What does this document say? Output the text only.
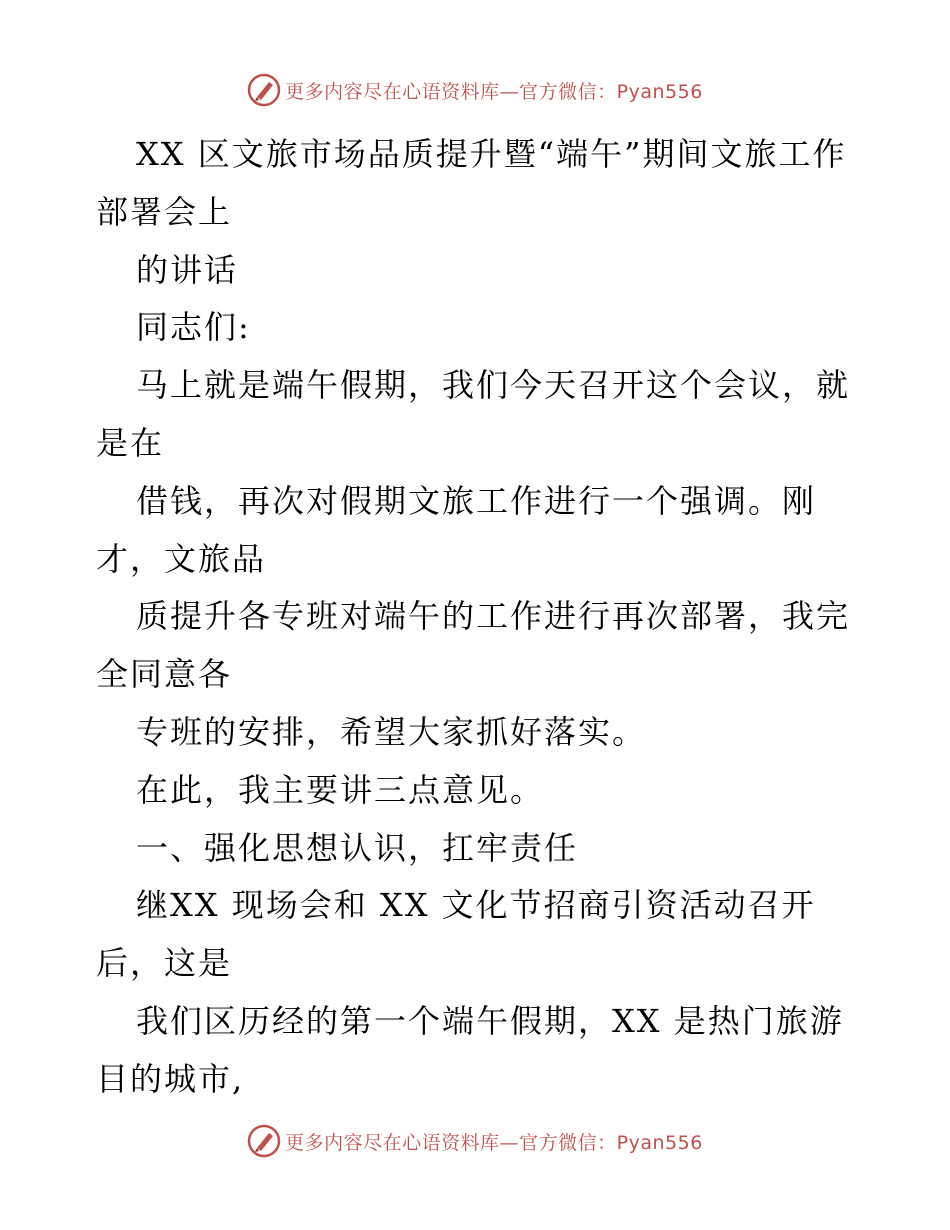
更多内容尽在心语资料库—官方微信：Pyan556

XX 区文旅市场品质提升暨“端午”期间文旅工作部署会上

的讲话

同志们:

马上就是端午假期，我们今天召开这个会议，就是在

借钱，再次对假期文旅工作进行一个强调。刚才，文旅品

质提升各专班对端午的工作进行再次部署，我完全同意各

专班的安排，希望大家抓好落实。

在此，我主要讲三点意见。

一、强化思想认识，扛牢责任

继XX 现场会和 XX 文化节招商引资活动召开后，这是

我们区历经的第一个端午假期，XX 是热门旅游目的城市,

更多内容尽在心语资料库—官方微信：Pyan556
